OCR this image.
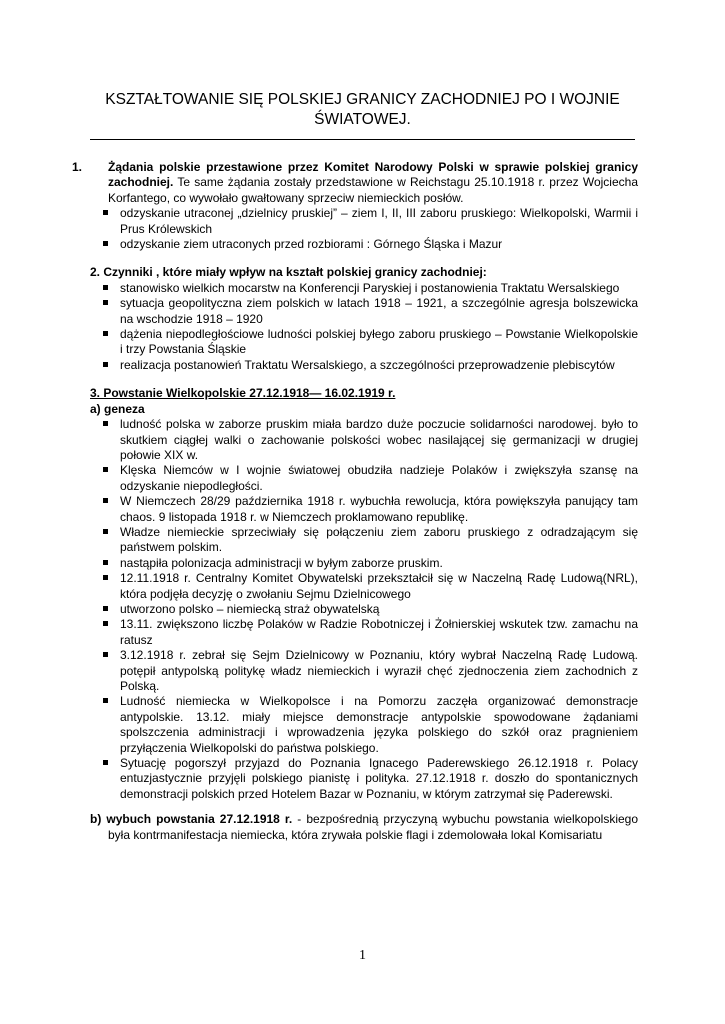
KSZTAŁTOWANIE SIĘ POLSKIEJ GRANICY ZACHODNIEJ PO I WOJNIE
ŚWIATOWEJ.

1. Żądania polskie przestawione przez Komitet Narodowy Polski w sprawie polskiej granicy zachodniej. Te same żądania zostały przedstawione w Reichstagu 25.10.1918 r. przez Wojciecha Korfantego, co wywołało gwałtowany sprzeciw niemieckich posłów.

odzyskanie utraconej „dzielnicy pruskiej” – ziem I, II, III zaboru pruskiego: Wielkopolski, Warmii i Prus Królewskich
odzyskanie ziem utraconych przed rozbiorami : Górnego Śląska i Mazur

2. Czynniki , które miały wpływ na kształt polskiej granicy zachodniej:

stanowisko wielkich mocarstw na Konferencji Paryskiej i postanowienia Traktatu Wersalskiego
sytuacja geopolityczna ziem polskich w latach 1918 – 1921, a szczególnie agresja bolszewicka na wschodzie 1918 – 1920
dążenia niepodległościowe ludności polskiej byłego zaboru pruskiego – Powstanie Wielkopolskie i trzy Powstania Śląskie
realizacja postanowień Traktatu Wersalskiego, a szczególności przeprowadzenie plebiscytów

3. Powstanie Wielkopolskie 27.12.1918— 16.02.1919 r.

a) geneza

ludność polska w zaborze pruskim miała bardzo duże poczucie solidarności narodowej. było to skutkiem ciągłej walki o zachowanie polskości wobec nasilającej się germanizacji w drugiej połowie XIX w.
Klęska Niemców w I wojnie światowej obudziła nadzieje Polaków i zwiększyła szansę na odzyskanie niepodległości.
W Niemczech 28/29 października 1918 r. wybuchła rewolucja, która powiększyła panujący tam chaos. 9 listopada 1918 r. w Niemczech proklamowano republikę.
Władze niemieckie sprzeciwiały się połączeniu ziem zaboru pruskiego z odradzającym się państwem polskim.
nastąpiła polonizacja administracji w byłym zaborze pruskim.
12.11.1918 r. Centralny Komitet Obywatelski przekształcił się w Naczelną Radę Ludową(NRL), która podjęła decyzję o zwołaniu Sejmu Dzielnicowego
utworzono polsko – niemiecką straż obywatelską
13.11. zwiększono liczbę Polaków w Radzie Robotniczej i Żołnierskiej wskutek tzw. zamachu na ratusz
3.12.1918 r. zebrał się Sejm Dzielnicowy w Poznaniu, który wybrał Naczelną Radę Ludową. potępił antypolską politykę władz niemieckich i wyraził chęć zjednoczenia ziem zachodnich z Polską.
Ludność niemiecka w Wielkopolsce i na Pomorzu zaczęła organizować demonstracje antypolskie. 13.12. miały miejsce demonstracje antypolskie spowodowane żądaniami spolszczenia administracji i wprowadzenia języka polskiego do szkół oraz pragnieniem przyłączenia Wielkopolski do państwa polskiego.
Sytuację pogorszył przyjazd do Poznania Ignacego Paderewskiego 26.12.1918 r. Polacy entuzjastycznie przyjęli polskiego pianistę i polityka. 27.12.1918 r. doszło do spontanicznych demonstracji polskich przed Hotelem Bazar w Poznaniu, w którym zatrzymał się Paderewski.

b) wybuch powstania 27.12.1918 r. - bezpośrednią przyczyną wybuchu powstania wielkopolskiego była kontrmanifestacja niemiecka, która zrywała polskie flagi i zdemolowała lokal Komisariatu

1
